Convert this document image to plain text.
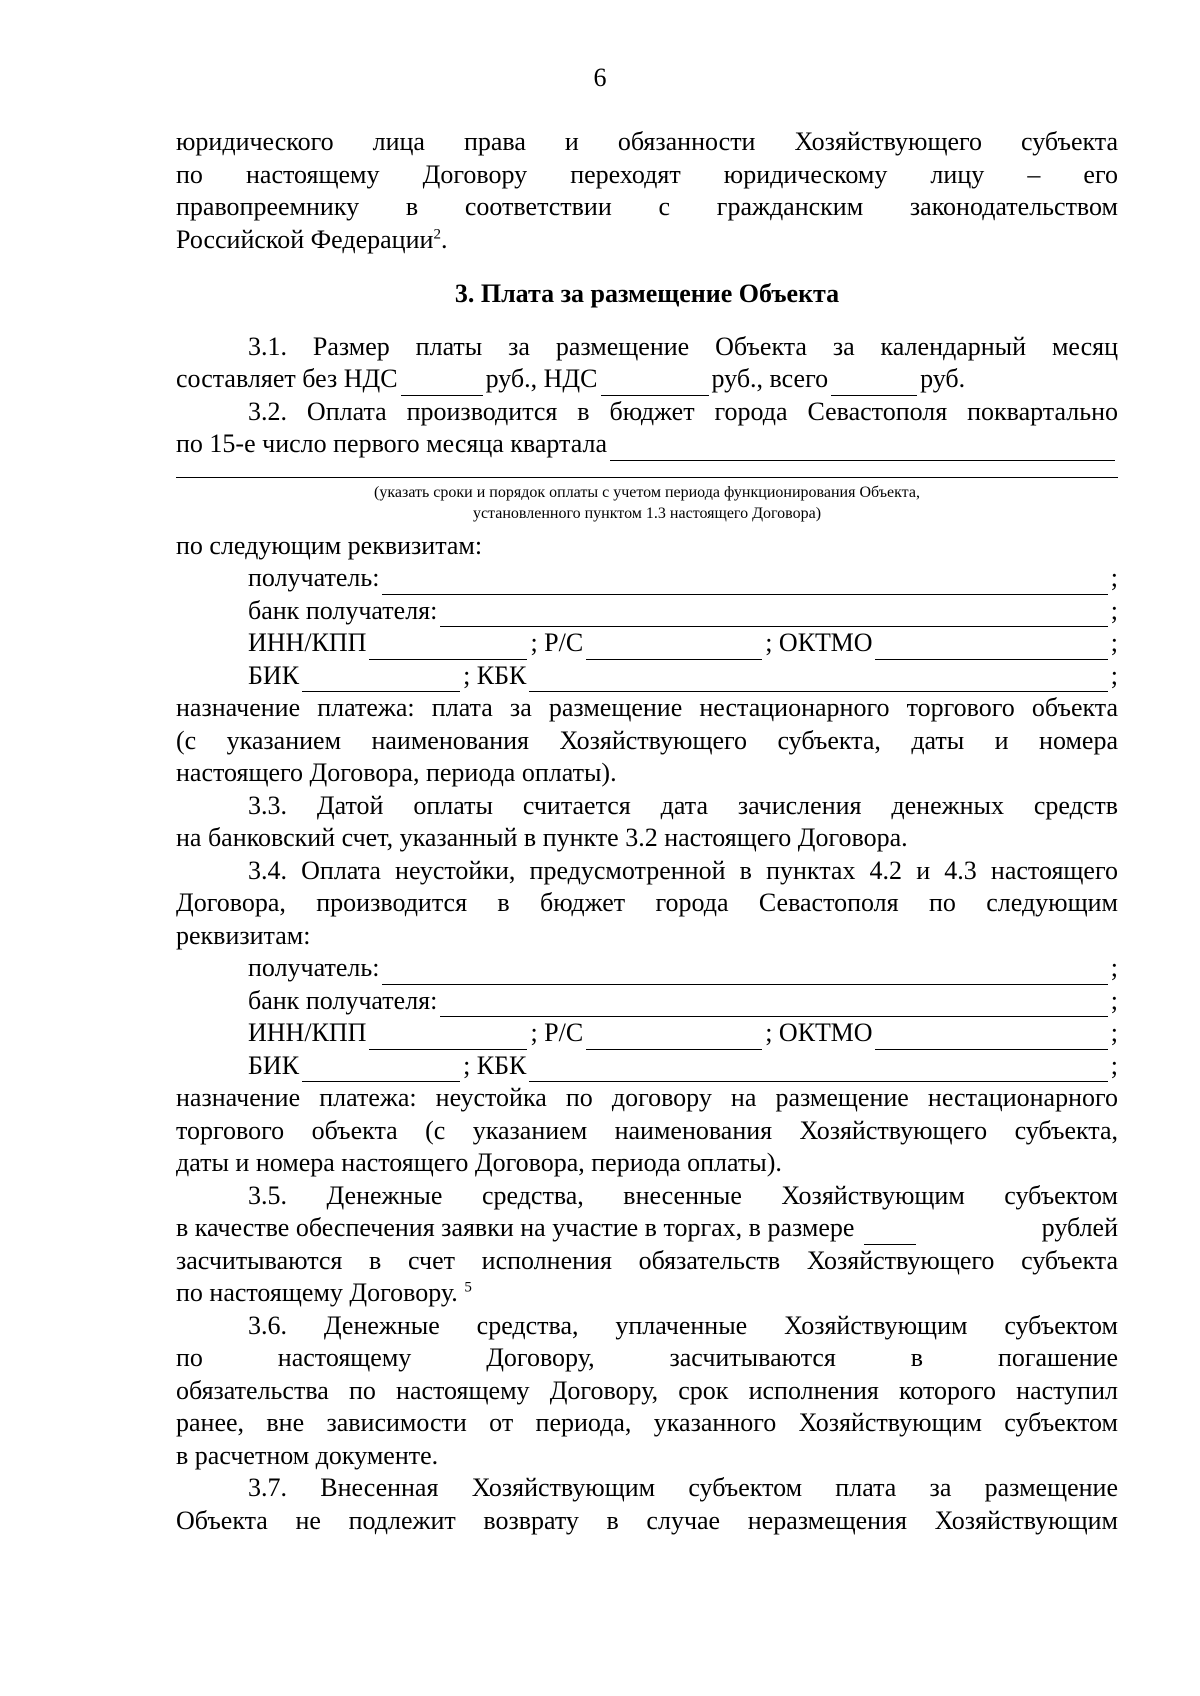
6

юридического лица права и обязанности Хозяйствующего субъекта

по настоящему Договору переходят юридическому лицу – его

правопреемнику в соответствии с гражданским законодательством

Российской Федерации$^2$.

3. Плата за размещение Объекта

3.1. Размер платы за размещение Объекта за календарный месяц

составляет без НДС	руб., НДС	руб., всего	руб.

3.2. Оплата производится в бюджет города Севастополя поквартально

по 15-е число первого месяца квартала
(указать сроки и порядок оплаты с учетом периода функционирования Объекта,
установленного пунктом 1.3 настоящего Договора)

по следующим реквизитам:

получатель:	;
банк получателя:	;
ИНН/КПП	; Р/С	; ОКТМО	;
БИК	; КБК	;

назначение платежа: плата за размещение нестационарного торгового объекта

(с указанием наименования Хозяйствующего субъекта, даты и номера

настоящего Договора, периода оплаты).

3.3. Датой оплаты считается дата зачисления денежных средств

на банковский счет, указанный в пункте 3.2 настоящего Договора.

3.4. Оплата неустойки, предусмотренной в пунктах 4.2 и 4.3 настоящего

Договора, производится в бюджет города Севастополя по следующим

реквизитам:

получатель:	;
банк получателя:	;
ИНН/КПП	; Р/С	; ОКТМО	;
БИК	; КБК	;

назначение платежа: неустойка по договору на размещение нестационарного

торгового объекта (с указанием наименования Хозяйствующего субъекта,

даты и номера настоящего Договора, периода оплаты).

3.5. Денежные средства, внесенные Хозяйствующим субъектом

в качестве обеспечения заявки на участие в торгах, в размере	рублей

засчитываются в счет исполнения обязательств Хозяйствующего субъекта

по настоящему Договору. $^5$

3.6. Денежные средства, уплаченные Хозяйствующим субъектом

по настоящему Договору, засчитываются в погашение

обязательства по настоящему Договору, срок исполнения которого наступил

ранее, вне зависимости от периода, указанного Хозяйствующим субъектом

в расчетном документе.

3.7. Внесенная Хозяйствующим субъектом плата за размещение

Объекта не подлежит возврату в случае неразмещения Хозяйствующим
